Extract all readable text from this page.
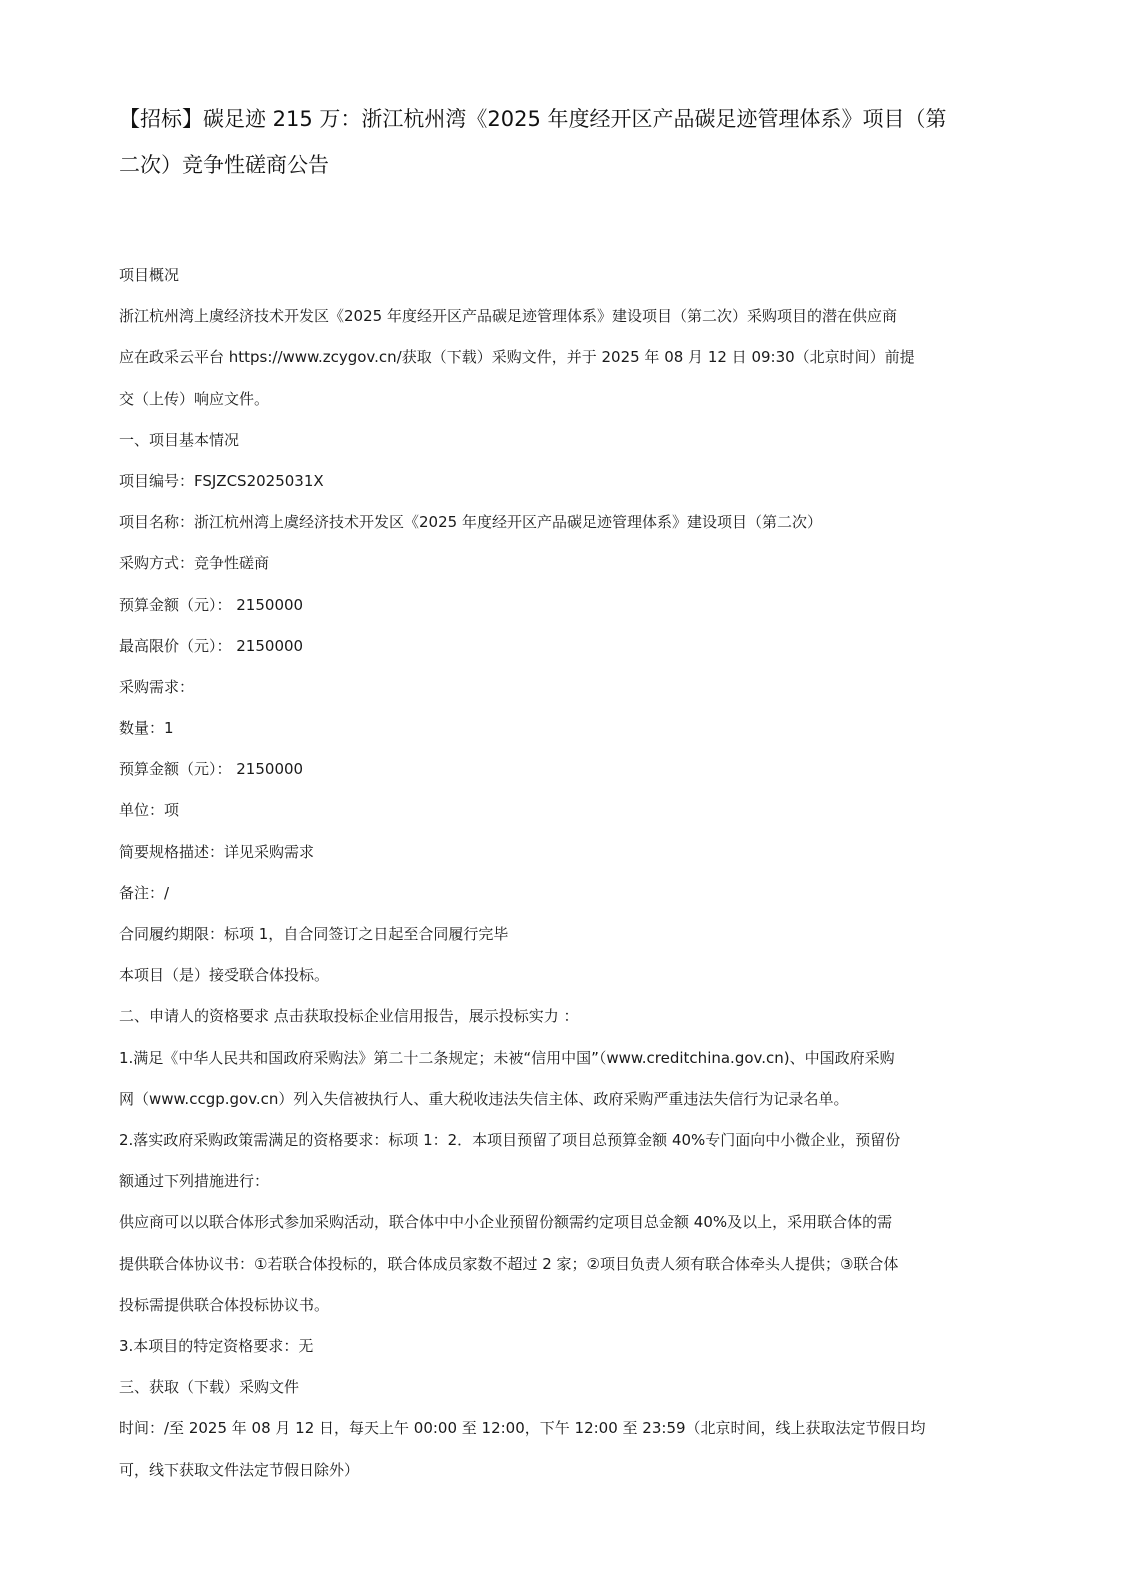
【招标】碳足迹 215 万：浙江杭州湾《2025 年度经开区产品碳足迹管理体系》项目（第
二次）竞争性磋商公告

项目概况

浙江杭州湾上虞经济技术开发区《2025 年度经开区产品碳足迹管理体系》建设项目（第二次）采购项目的潜在供应商
应在政采云平台 https://www.zcygov.cn/获取（下载）采购文件，并于 2025 年 08 月 12 日 09:30（北京时间）前提
交（上传）响应文件。

一、项目基本情况

项目编号：FSJZCS2025031X

项目名称：浙江杭州湾上虞经济技术开发区《2025 年度经开区产品碳足迹管理体系》建设项目（第二次）

采购方式：竞争性磋商

预算金额（元）： 2150000

最高限价（元）： 2150000

采购需求：

数量：1

预算金额（元）： 2150000

单位：项

简要规格描述：详见采购需求

备注：/

合同履约期限：标项 1，自合同签订之日起至合同履行完毕

本项目（是）接受联合体投标。

二、申请人的资格要求 点击获取投标企业信用报告，展示投标实力 ：

1.满足《中华人民共和国政府采购法》第二十二条规定；未被“信用中国”（www.creditchina.gov.cn)、中国政府采购
网（www.ccgp.gov.cn）列入失信被执行人、重大税收违法失信主体、政府采购严重违法失信行为记录名单。
2.落实政府采购政策需满足的资格要求：标项 1：2．本项目预留了项目总预算金额 40%专门面向中小微企业，预留份
额通过下列措施进行：
供应商可以以联合体形式参加采购活动，联合体中中小企业预留份额需约定项目总金额 40%及以上，采用联合体的需
提供联合体协议书：①若联合体投标的，联合体成员家数不超过 2 家；②项目负责人须有联合体牵头人提供；③联合体
投标需提供联合体投标协议书。

3.本项目的特定资格要求：无

三、获取（下载）采购文件

时间：/至 2025 年 08 月 12 日，每天上午 00:00 至 12:00，下午 12:00 至 23:59（北京时间，线上获取法定节假日均
可，线下获取文件法定节假日除外）
